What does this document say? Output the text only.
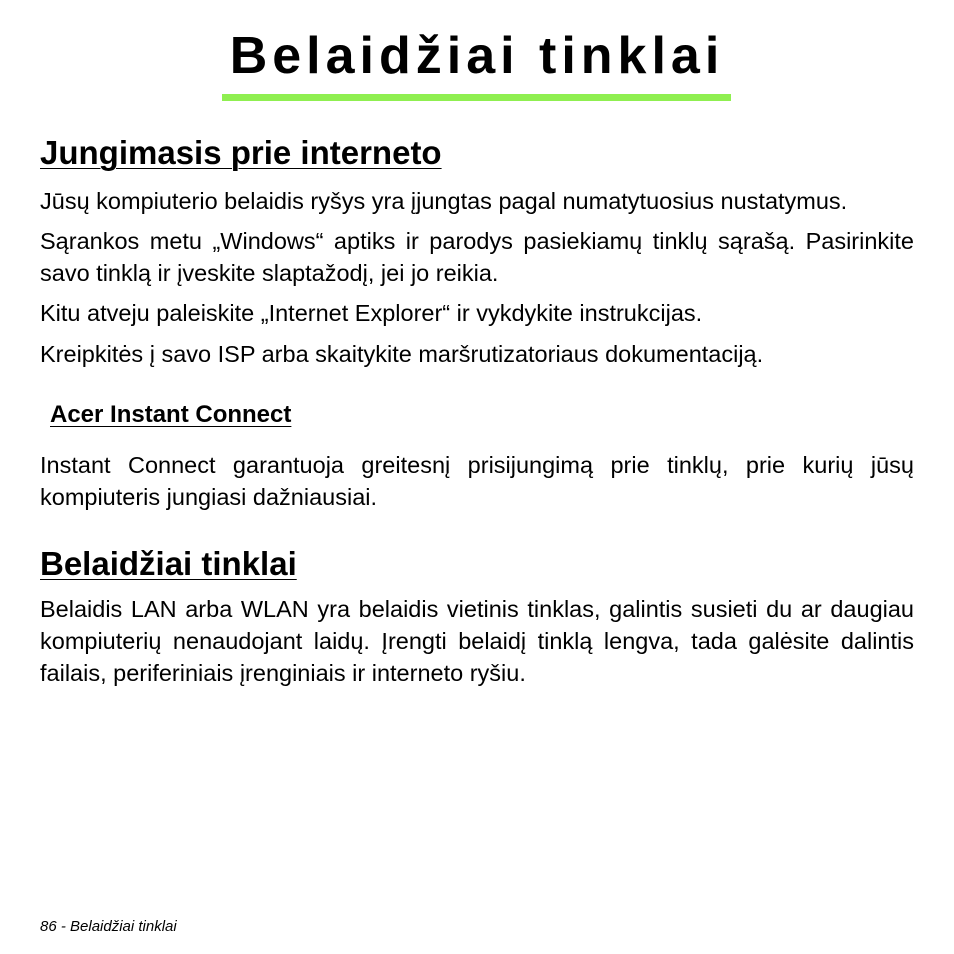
Belaidžiai tinklai
Jungimasis prie interneto

Jūsų kompiuterio belaidis ryšys yra įjungtas pagal numatytuosius nustatymus.

Sąrankos metu „Windows“ aptiks ir parodys pasiekiamų tinklų sąrašą. Pasirinkite savo tinklą ir įveskite slaptažodį, jei jo reikia.

Kitu atveju paleiskite „Internet Explorer“ ir vykdykite instrukcijas.

Kreipkitės į savo ISP arba skaitykite maršrutizatoriaus dokumentaciją.

Acer Instant Connect

Instant Connect garantuoja greitesnį prisijungimą prie tinklų, prie kurių jūsų kompiuteris jungiasi dažniausiai.

Belaidžiai tinklai

Belaidis LAN arba WLAN yra belaidis vietinis tinklas, galintis susieti du ar daugiau kompiuterių nenaudojant laidų. Įrengti belaidį tinklą lengva, tada galėsite dalintis failais, periferiniais įrenginiais ir interneto ryšiu.

86 - Belaidžiai tinklai
